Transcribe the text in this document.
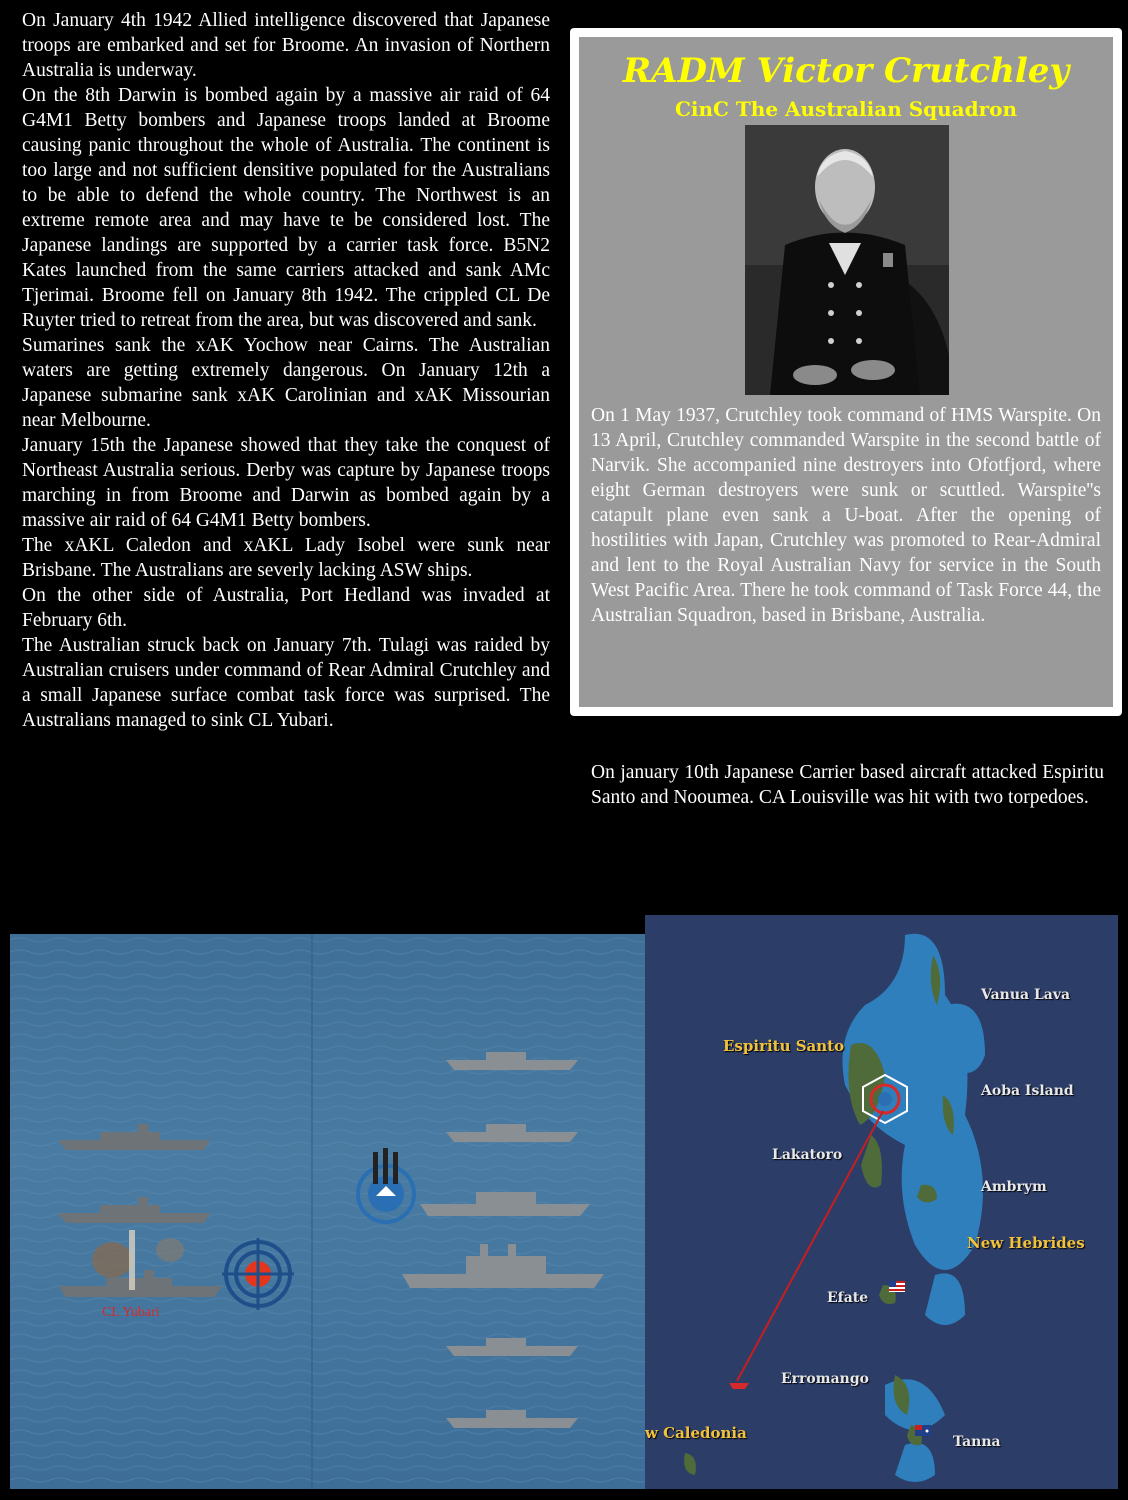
On January 4th 1942 Allied intelligence discovered that Japanese troops are embarked and set for Broome. An invasion of Northern Australia is underway.

On the 8th Darwin is bombed again by a massive air raid of 64 G4M1 Betty bombers and Japanese troops landed at Broome causing panic throughout the whole of Australia. The continent is too large and not sufficient densitive populated for the Australians to be able to defend the whole country. The Northwest is an extreme remote area and may have te be considered lost. The Japanese landings are supported by a carrier task force. B5N2 Kates launched from the same carriers attacked and sank AMc Tjerimai. Broome fell on January 8th 1942. The crippled CL De Ruyter tried to retreat from the area, but was discovered and sank.

Sumarines sank the xAK Yochow near Cairns. The Australian waters are getting extremely dangerous. On January 12th a Japanese submarine sank xAK Carolinian and xAK Missourian near Melbourne.

January 15th the Japanese showed that they take the conquest of Northeast Australia serious. Derby was capture by Japanese troops marching in from Broome and Darwin as bombed again by a massive air raid of 64 G4M1 Betty bombers.

The xAKL Caledon and xAKL Lady Isobel were sunk near Brisbane. The Australians are severly lacking ASW ships.

On the other side of Australia, Port Hedland was invaded at February 6th.

The Australian struck back on January 7th. Tulagi was raided by Australian cruisers under command of Rear Admiral Crutchley and a small Japanese surface combat task force was surprised. The Australians managed to sink CL Yubari.

RADM Victor Crutchley
CinC The Australian Squadron
On 1 May 1937, Crutchley took command of HMS Warspite. On 13 April, Crutchley commanded Warspite in the second battle of Narvik. She accompanied nine destroyers into Ofotfjord, where eight German destroyers were sunk or scuttled. Warspite''s catapult plane even sank a U-boat. After the opening of hostilities with Japan, Crutchley was promoted to Rear-Admiral and lent to the Royal Australian Navy for service in the South West Pacific Area. There he took command of Task Force 44, the Australian Squadron, based in Brisbane, Australia.
On january 10th Japanese Carrier based aircraft attacked Espiritu Santo and Nooumea. CA Louisville was hit with two torpedoes.
CL Yubari
Vanua Lava
Espiritu Santo
Aoba Island
Lakatoro
Ambrym
New Hebrides
Efate
Erromango
w Caledonia	Tanna
